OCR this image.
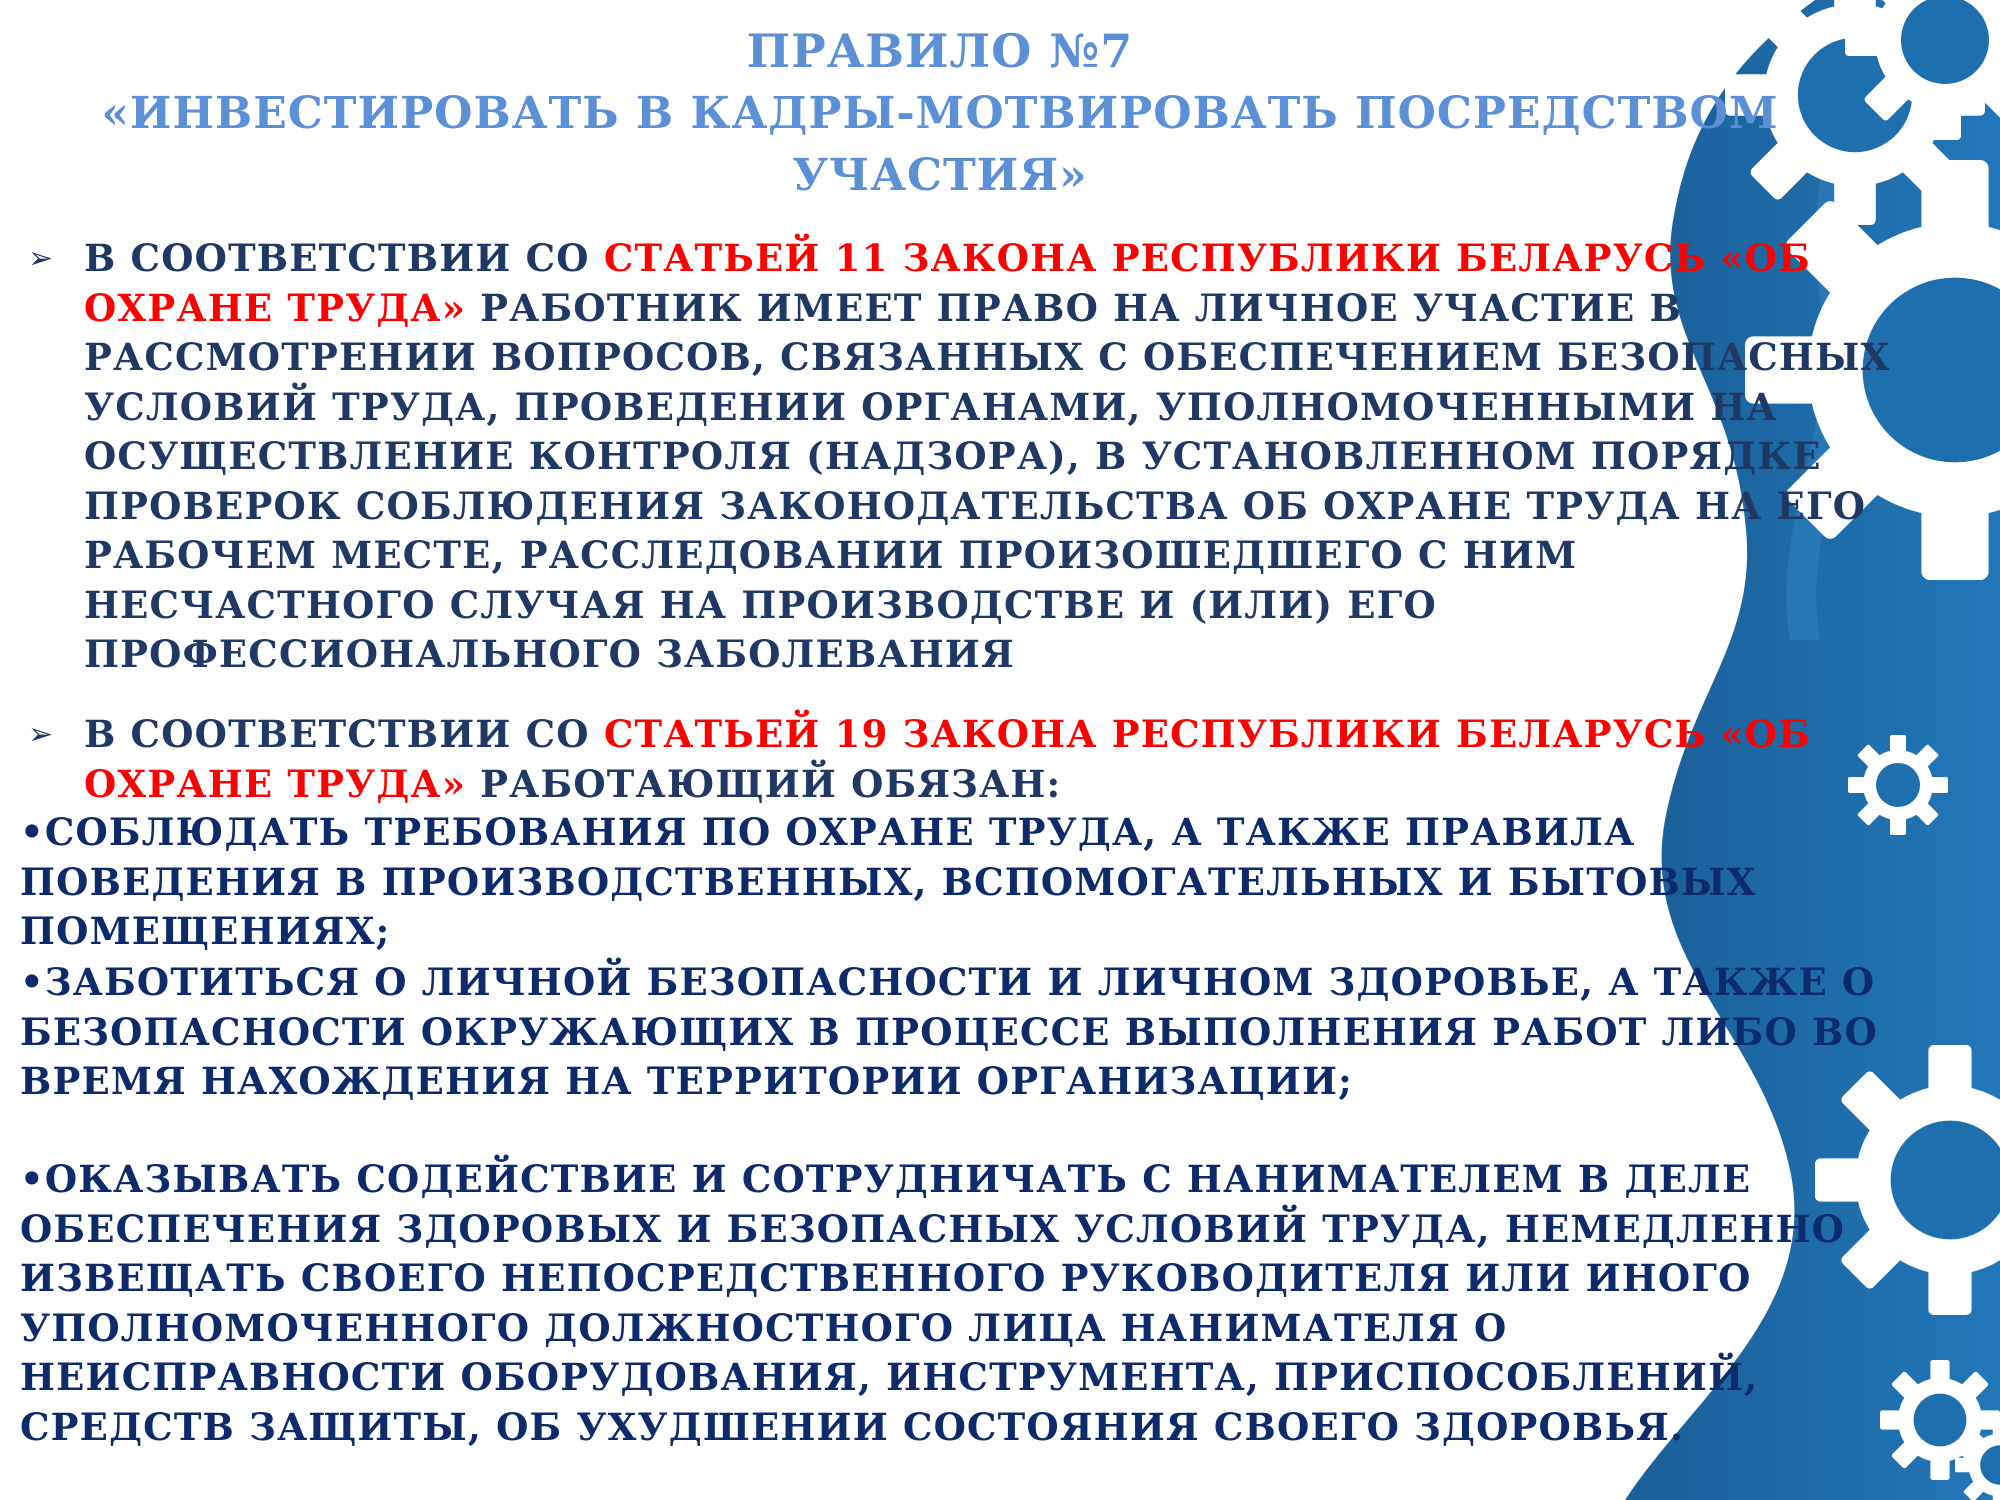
ПРАВИЛО №7
«ИНВЕСТИРОВАТЬ В КАДРЫ-МОТВИРОВАТЬ ПОСРЕДСТВОМ
УЧАСТИЯ»
➢ В СООТВЕТСТВИИ СО СТАТЬЕЙ 11 ЗАКОНА РЕСПУБЛИКИ БЕЛАРУСЬ «ОБ ОХРАНЕ ТРУДА» РАБОТНИК ИМЕЕТ ПРАВО НА ЛИЧНОЕ УЧАСТИЕ В РАССМОТРЕНИИ ВОПРОСОВ, СВЯЗАННЫХ С ОБЕСПЕЧЕНИЕМ БЕЗОПАСНЫХ УСЛОВИЙ ТРУДА, ПРОВЕДЕНИИ ОРГАНАМИ, УПОЛНОМОЧЕННЫМИ НА ОСУЩЕСТВЛЕНИЕ КОНТРОЛЯ (НАДЗОРА), В УСТАНОВЛЕННОМ ПОРЯДКЕ ПРОВЕРОК СОБЛЮДЕНИЯ ЗАКОНОДАТЕЛЬСТВА ОБ ОХРАНЕ ТРУДА НА ЕГО РАБОЧЕМ МЕСТЕ, РАССЛЕДОВАНИИ ПРОИЗОШЕДШЕГО С НИМ НЕСЧАСТНОГО СЛУЧАЯ НА ПРОИЗВОДСТВЕ И (ИЛИ) ЕГО ПРОФЕССИОНАЛЬНОГО ЗАБОЛЕВАНИЯ
➢ В СООТВЕТСТВИИ СО СТАТЬЕЙ 19 ЗАКОНА РЕСПУБЛИКИ БЕЛАРУСЬ «ОБ ОХРАНЕ ТРУДА» РАБОТАЮЩИЙ ОБЯЗАН:
•СОБЛЮДАТЬ ТРЕБОВАНИЯ ПО ОХРАНЕ ТРУДА, А ТАКЖЕ ПРАВИЛА ПОВЕДЕНИЯ В ПРОИЗВОДСТВЕННЫХ, ВСПОМОГАТЕЛЬНЫХ И БЫТОВЫХ ПОМЕЩЕНИЯХ;
•ЗАБОТИТЬСЯ О ЛИЧНОЙ БЕЗОПАСНОСТИ И ЛИЧНОМ ЗДОРОВЬЕ, А ТАКЖЕ О БЕЗОПАСНОСТИ ОКРУЖАЮЩИХ В ПРОЦЕССЕ ВЫПОЛНЕНИЯ РАБОТ ЛИБО ВО ВРЕМЯ НАХОЖДЕНИЯ НА ТЕРРИТОРИИ ОРГАНИЗАЦИИ;
•ОКАЗЫВАТЬ СОДЕЙСТВИЕ И СОТРУДНИЧАТЬ С НАНИМАТЕЛЕМ В ДЕЛЕ ОБЕСПЕЧЕНИЯ ЗДОРОВЫХ И БЕЗОПАСНЫХ УСЛОВИЙ ТРУДА, НЕМЕДЛЕННО ИЗВЕЩАТЬ СВОЕГО НЕПОСРЕДСТВЕННОГО РУКОВОДИТЕЛЯ ИЛИ ИНОГО УПОЛНОМОЧЕННОГО ДОЛЖНОСТНОГО ЛИЦА НАНИМАТЕЛЯ О НЕИСПРАВНОСТИ ОБОРУДОВАНИЯ, ИНСТРУМЕНТА, ПРИСПОСОБЛЕНИЙ, СРЕДСТВ ЗАЩИТЫ, ОБ УХУДШЕНИИ СОСТОЯНИЯ СВОЕГО ЗДОРОВЬЯ.
